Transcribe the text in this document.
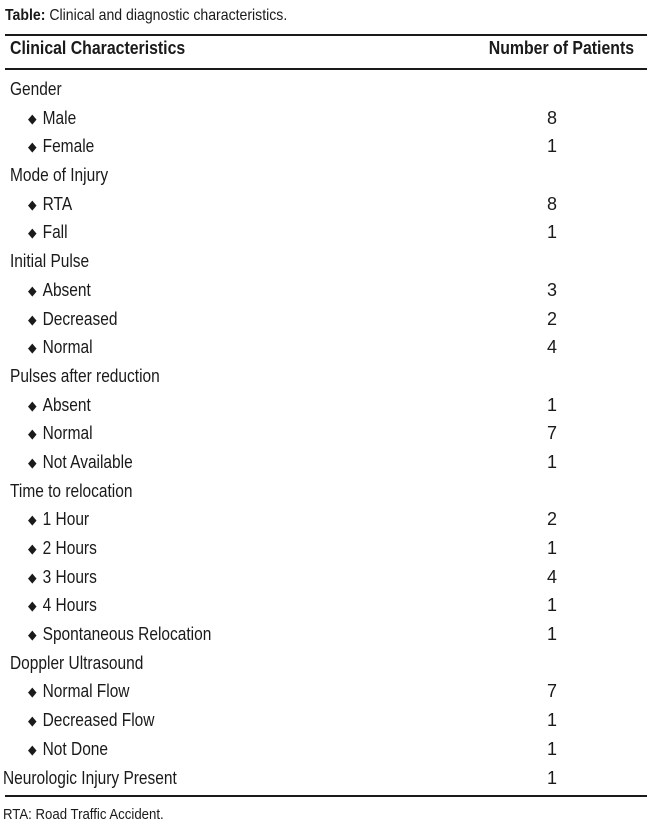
Table: Clinical and diagnostic characteristics.
Clinical Characteristics	Number of Patients
Gender
◆ Male	8
◆ Female	1
Mode of Injury
◆ RTA	8
◆ Fall	1
Initial Pulse
◆ Absent	3
◆ Decreased	2
◆ Normal	4
Pulses after reduction
◆ Absent	1
◆ Normal	7
◆ Not Available	1
Time to relocation
◆ 1 Hour	2
◆ 2 Hours	1
◆ 3 Hours	4
◆ 4 Hours	1
◆ Spontaneous Relocation	1
Doppler Ultrasound
◆ Normal Flow	7
◆ Decreased Flow	1
◆ Not Done	1
Neurologic Injury Present	1
RTA: Road Traffic Accident.
